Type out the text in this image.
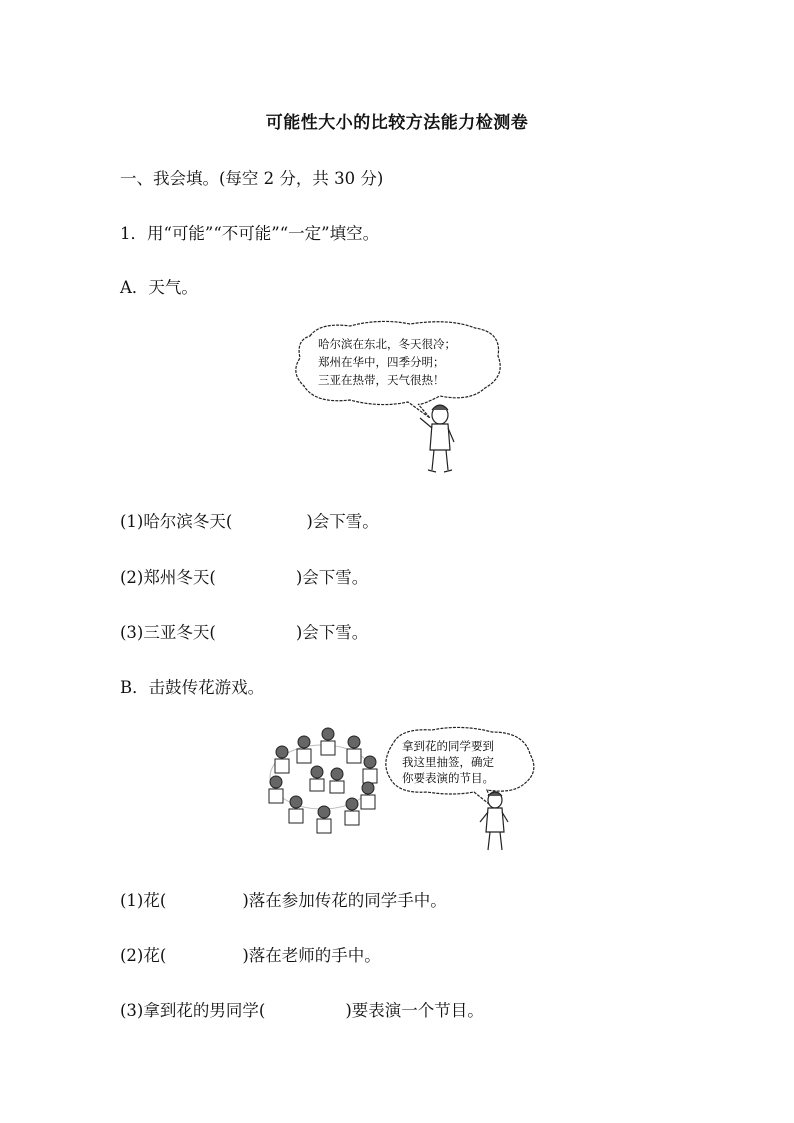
可能性大小的比较方法能力检测卷
一、我会填。(每空 2 分，共 30 分)
1．用“可能”“不可能”“一定”填空。
A．天气。
哈尔滨在东北，冬天很冷；
郑州在华中，四季分明；
三亚在热带，天气很热！
(1)哈尔滨冬天(	)会下雪。
(2)郑州冬天(	)会下雪。
(3)三亚冬天(	)会下雪。
B．击鼓传花游戏。
拿到花的同学要到
我这里抽签，确定
你要表演的节目。
(1)花(	)落在参加传花的同学手中。
(2)花(	)落在老师的手中。
(3)拿到花的男同学(	)要表演一个节目。
